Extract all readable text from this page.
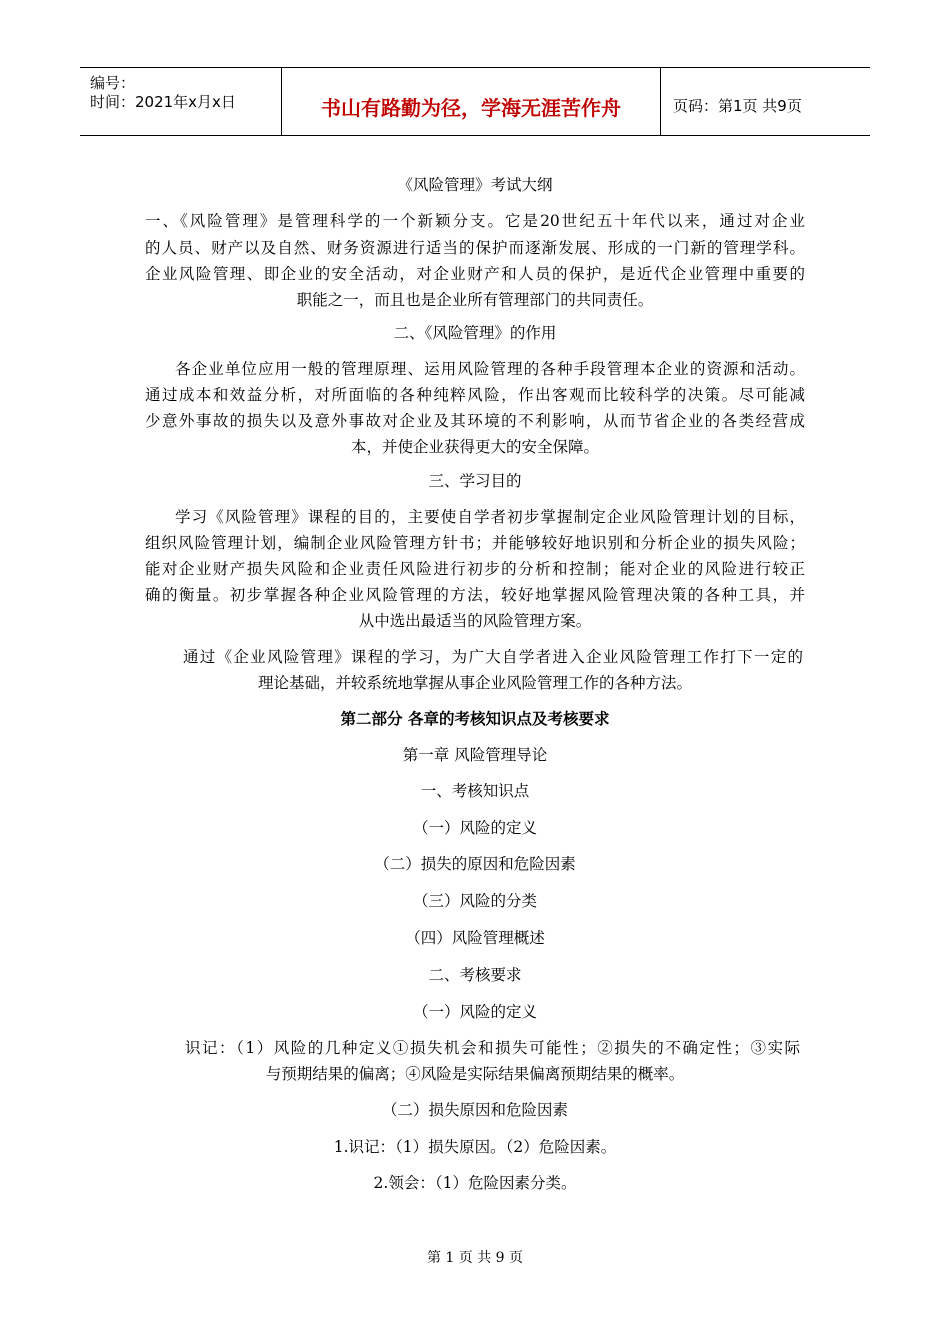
编号：
时间：2021年x月x日	书山有路勤为径，学海无涯苦作舟	页码：第1页 共9页
《风险管理》考试大纲
一、《风险管理》是管理科学的一个新颖分支。它是20世纪五十年代以来，通过对企业
的人员、财产以及自然、财务资源进行适当的保护而逐渐发展、形成的一门新的管理学科。
企业风险管理、即企业的安全活动，对企业财产和人员的保护，是近代企业管理中重要的
职能之一，而且也是企业所有管理部门的共同责任。
二、《风险管理》的作用
各企业单位应用一般的管理原理、运用风险管理的各种手段管理本企业的资源和活动。
通过成本和效益分析，对所面临的各种纯粹风险，作出客观而比较科学的决策。尽可能减
少意外事故的损失以及意外事故对企业及其环境的不利影响，从而节省企业的各类经营成
本，并使企业获得更大的安全保障。
三、学习目的
学习《风险管理》课程的目的，主要使自学者初步掌握制定企业风险管理计划的目标，
组织风险管理计划，编制企业风险管理方针书；并能够较好地识别和分析企业的损失风险；
能对企业财产损失风险和企业责任风险进行初步的分析和控制；能对企业的风险进行较正
确的衡量。初步掌握各种企业风险管理的方法，较好地掌握风险管理决策的各种工具，并
从中选出最适当的风险管理方案。
通过《企业风险管理》课程的学习，为广大自学者进入企业风险管理工作打下一定的
理论基础，并较系统地掌握从事企业风险管理工作的各种方法。
第二部分 各章的考核知识点及考核要求
第一章 风险管理导论
一、考核知识点
（一）风险的定义
（二）损失的原因和危险因素
（三）风险的分类
（四）风险管理概述
二、考核要求
（一）风险的定义
识记：（1）风险的几种定义①损失机会和损失可能性；②损失的不确定性；③实际
与预期结果的偏离；④风险是实际结果偏离预期结果的概率。
（二）损失原因和危险因素
1.识记：（1）损失原因。（2）危险因素。
2.领会：（1）危险因素分类。
第 1 页 共 9 页
